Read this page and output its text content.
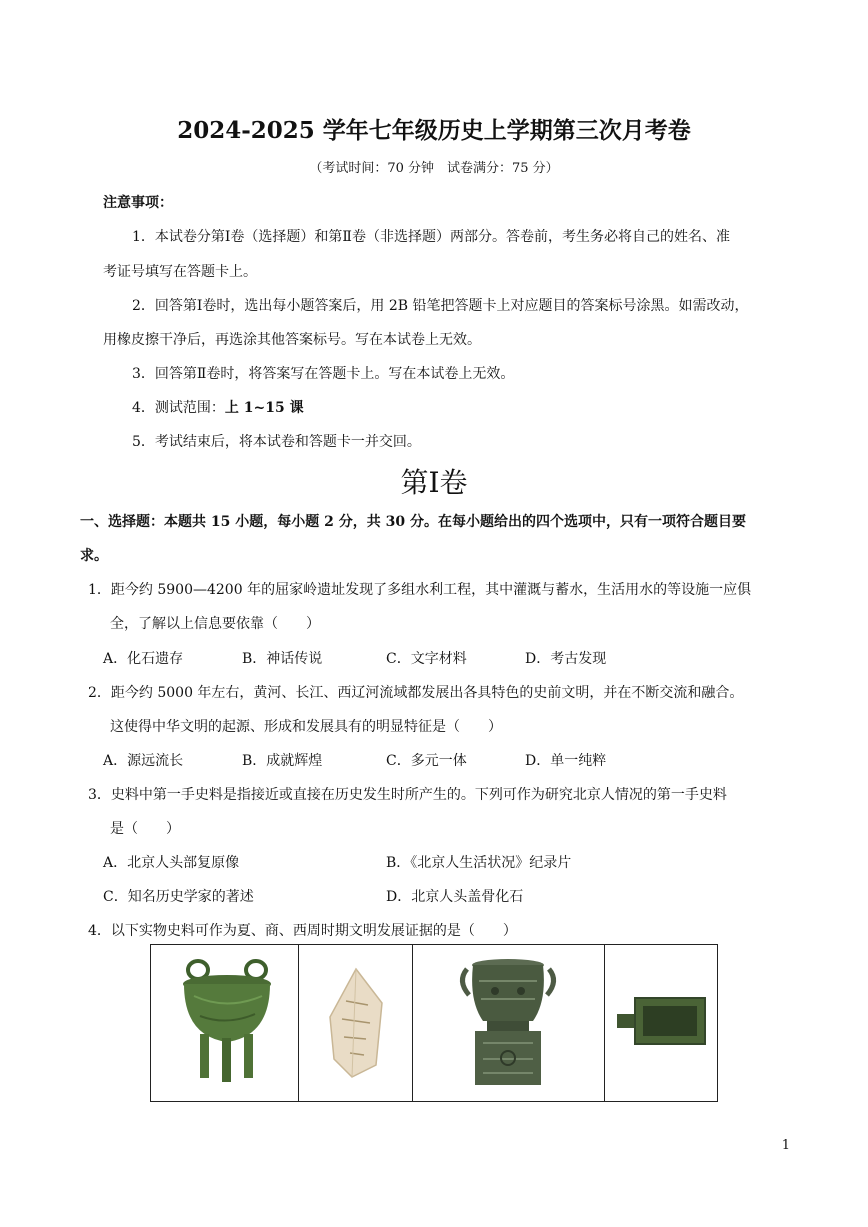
2024-2025 学年七年级历史上学期第三次月考卷
（考试时间：70 分钟　试卷满分：75 分）
注意事项：
1．本试卷分第Ⅰ卷（选择题）和第Ⅱ卷（非选择题）两部分。答卷前，考生务必将自己的姓名、准
考证号填写在答题卡上。
2．回答第Ⅰ卷时，选出每小题答案后，用 2B 铅笔把答题卡上对应题目的答案标号涂黑。如需改动，
用橡皮擦干净后，再选涂其他答案标号。写在本试卷上无效。
3．回答第Ⅱ卷时，将答案写在答题卡上。写在本试卷上无效。
4．测试范围：上 1~15 课
5．考试结束后，将本试卷和答题卡一并交回。
第Ⅰ卷
一、选择题：本题共 15 小题，每小题 2 分，共 30 分。在每小题给出的四个选项中，只有一项符合题目要
求。
1．距今约 5900—4200 年的屈家岭遗址发现了多组水利工程，其中灌溉与蓄水，生活用水的等设施一应俱
全，了解以上信息要依靠（　　）
A．化石遗存	B．神话传说	C．文字材料	D．考古发现
2．距今约 5000 年左右，黄河、长江、西辽河流域都发展出各具特色的史前文明，并在不断交流和融合。
这使得中华文明的起源、形成和发展具有的明显特征是（　　）
A．源远流长	B．成就辉煌	C．多元一体	D．单一纯粹
3．史料中第一手史料是指接近或直接在历史发生时所产生的。下列可作为研究北京人情况的第一手史料
是（　　）
A．北京人头部复原像	B．《北京人生活状况》纪录片
C．知名历史学家的著述	D．北京人头盖骨化石
4．以下实物史料可作为夏、商、西周时期文明发展证据的是（　　）

1
